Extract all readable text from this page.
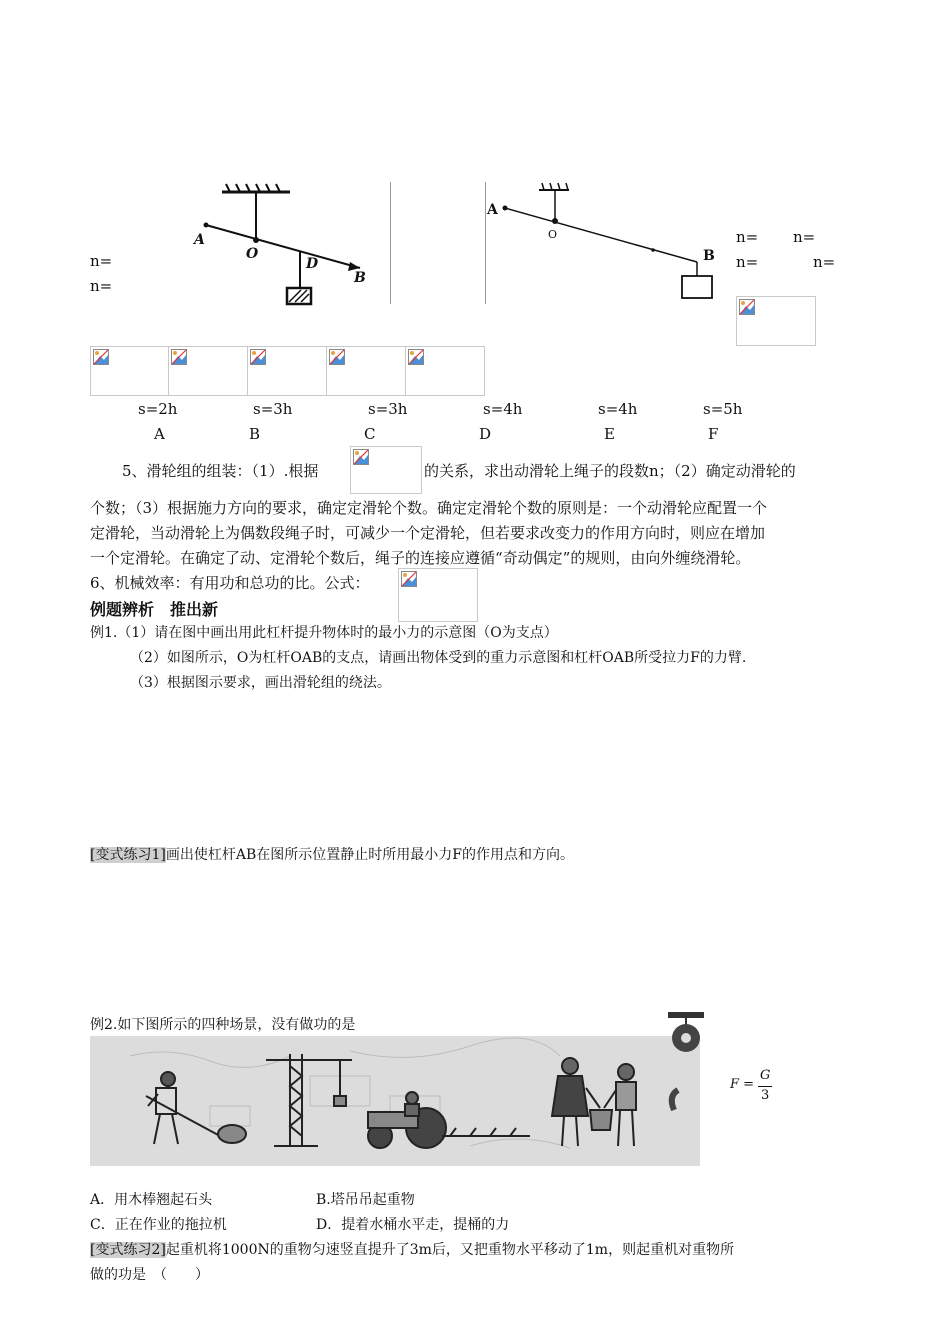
A
O
D
B
n=
n=
A
O
B
n= n=
n=	n=
s=2h	s=3h	s=3h	s=4h	s=4h	s=5h
A	B	C	D	E	F
5、滑轮组的组装：（1）.根据	的关系，求出动滑轮上绳子的段数n；（2）确定动滑轮的
个数；（3）根据施力方向的要求，确定定滑轮个数。确定定滑轮个数的原则是：一个动滑轮应配置一个
定滑轮，当动滑轮上为偶数段绳子时，可减少一个定滑轮，但若要求改变力的作用方向时，则应在增加
一个定滑轮。在确定了动、定滑轮个数后，绳子的连接应遵循“奇动偶定”的规则，由向外缠绕滑轮。
6、机械效率：有用功和总功的比。公式：
例题辨析　推出新
例1.（1）请在图中画出用此杠杆提升物体时的最小力的示意图（O为支点）
（2）如图所示，O为杠杆OAB的支点，请画出物体受到的重力示意图和杠杆OAB所受拉力F的力臂.
（3）根据图示要求，画出滑轮组的绕法。
[变式练习1]画出使杠杆AB在图所示位置静止时所用最小力F的作用点和方向。
例2.如下图所示的四种场景，没有做功的是
F =
G
3
A．用木棒翘起石头	B.塔吊吊起重物
C．正在作业的拖拉机	D．提着水桶水平走，提桶的力
[变式练习2]起重机将1000N的重物匀速竖直提升了3m后，又把重物水平移动了1m，则起重机对重物所
做的功是　（　　）
